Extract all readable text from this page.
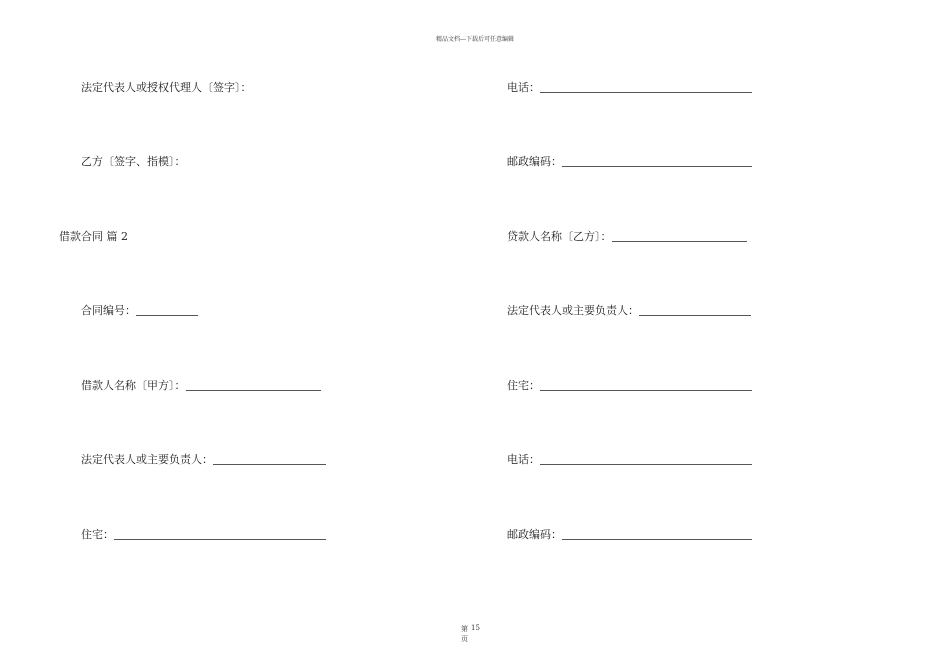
精品文档---下载后可任意编辑
法定代表人或授权代理人〔签字〕：
乙方〔签字、指模〕：
借款合同 篇 2
合同编号：
借款人名称〔甲方〕：
法定代表人或主要负责人：
住宅：
电话：
邮政编码：
贷款人名称〔乙方〕：
法定代表人或主要负责人：
住宅：
电话：
邮政编码：
第 15
页
